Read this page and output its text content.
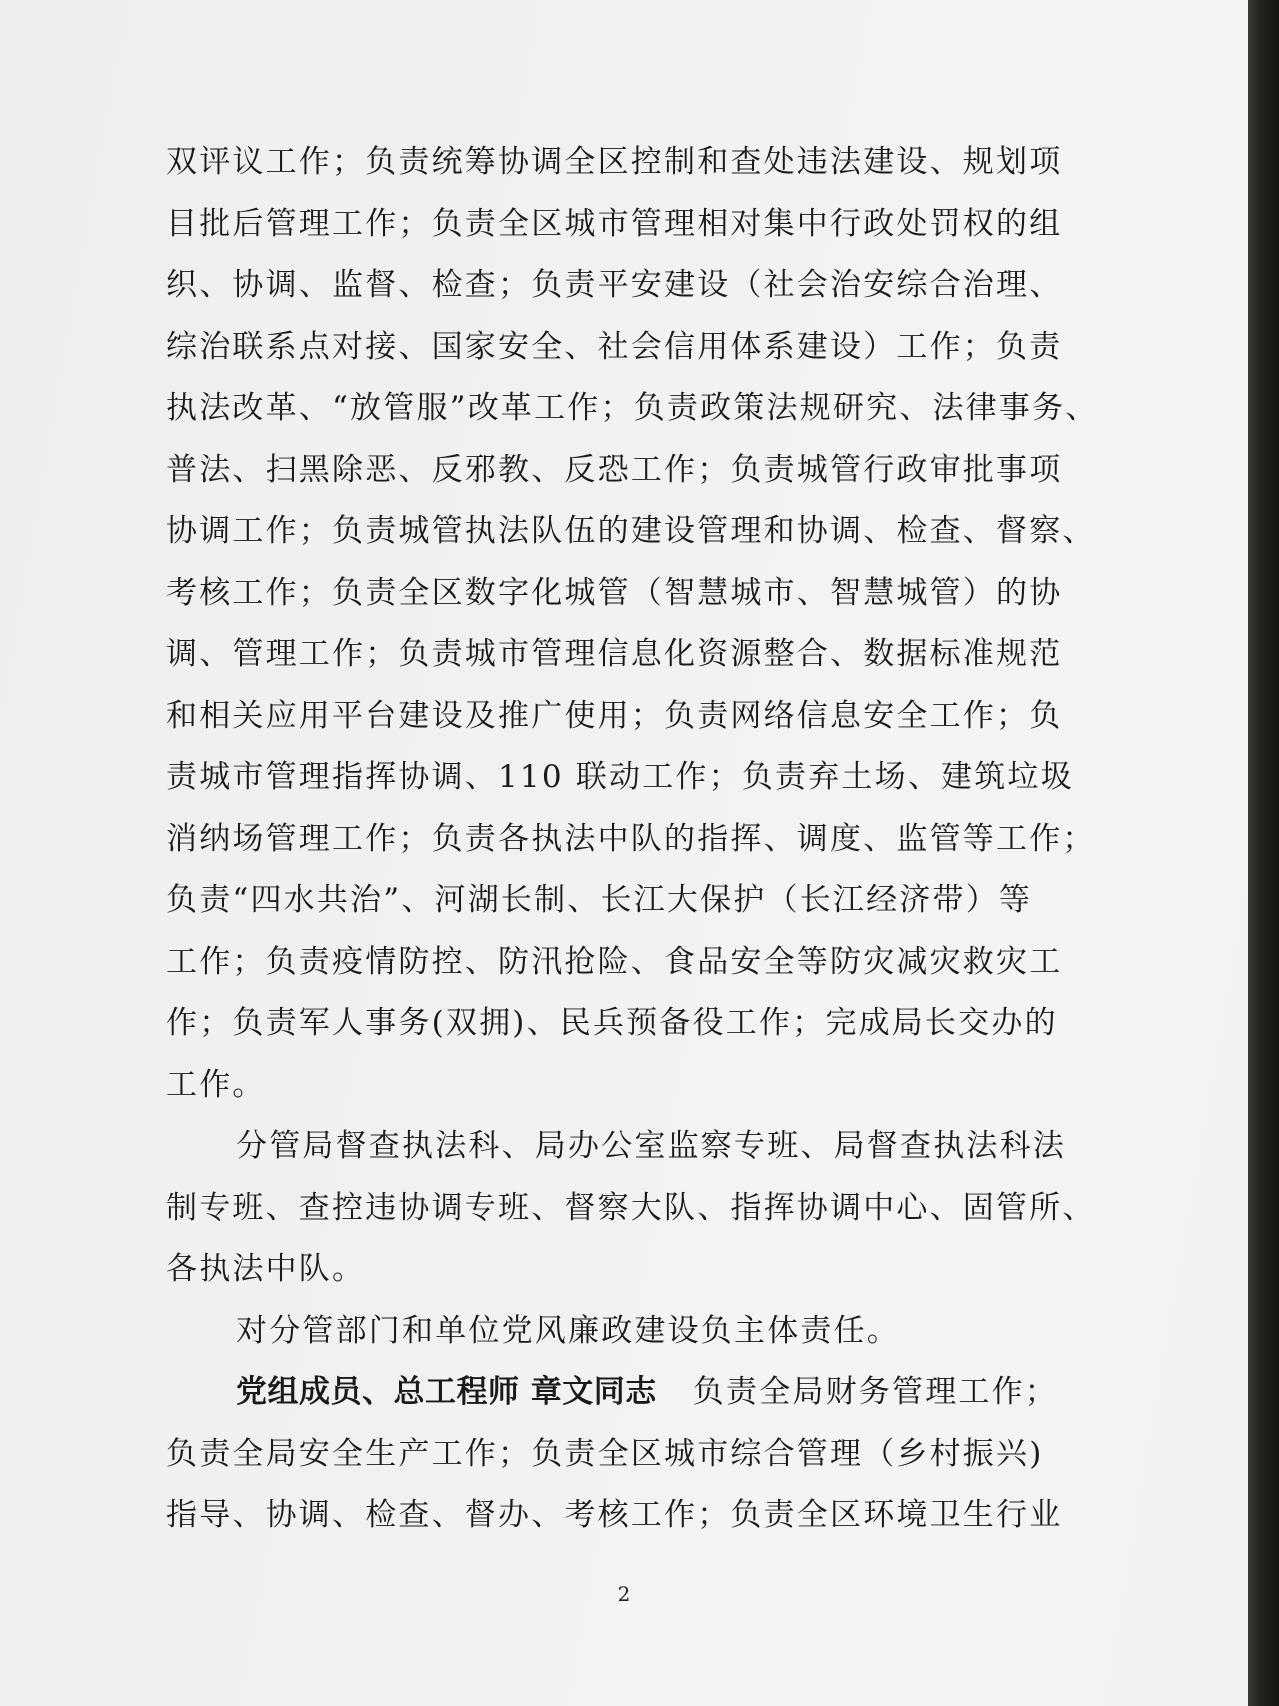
双评议工作；负责统筹协调全区控制和查处违法建设、规划项
目批后管理工作；负责全区城市管理相对集中行政处罚权的组
织、协调、监督、检查；负责平安建设（社会治安综合治理、
综治联系点对接、国家安全、社会信用体系建设）工作；负责
执法改革、“放管服”改革工作；负责政策法规研究、法律事务、
普法、扫黑除恶、反邪教、反恐工作；负责城管行政审批事项
协调工作；负责城管执法队伍的建设管理和协调、检查、督察、
考核工作；负责全区数字化城管（智慧城市、智慧城管）的协
调、管理工作；负责城市管理信息化资源整合、数据标准规范
和相关应用平台建设及推广使用；负责网络信息安全工作；负
责城市管理指挥协调、110 联动工作；负责弃土场、建筑垃圾
消纳场管理工作；负责各执法中队的指挥、调度、监管等工作；
负责“四水共治”、河湖长制、长江大保护（长江经济带）等
工作；负责疫情防控、防汛抢险、食品安全等防灾减灾救灾工
作；负责军人事务(双拥)、民兵预备役工作；完成局长交办的
工作。
分管局督查执法科、局办公室监察专班、局督查执法科法
制专班、查控违协调专班、督察大队、指挥协调中心、固管所、
各执法中队。
对分管部门和单位党风廉政建设负主体责任。
党组成员、总工程师 章文同志 负责全局财务管理工作；
负责全局安全生产工作；负责全区城市综合管理（乡村振兴)
指导、协调、检查、督办、考核工作；负责全区环境卫生行业
2
